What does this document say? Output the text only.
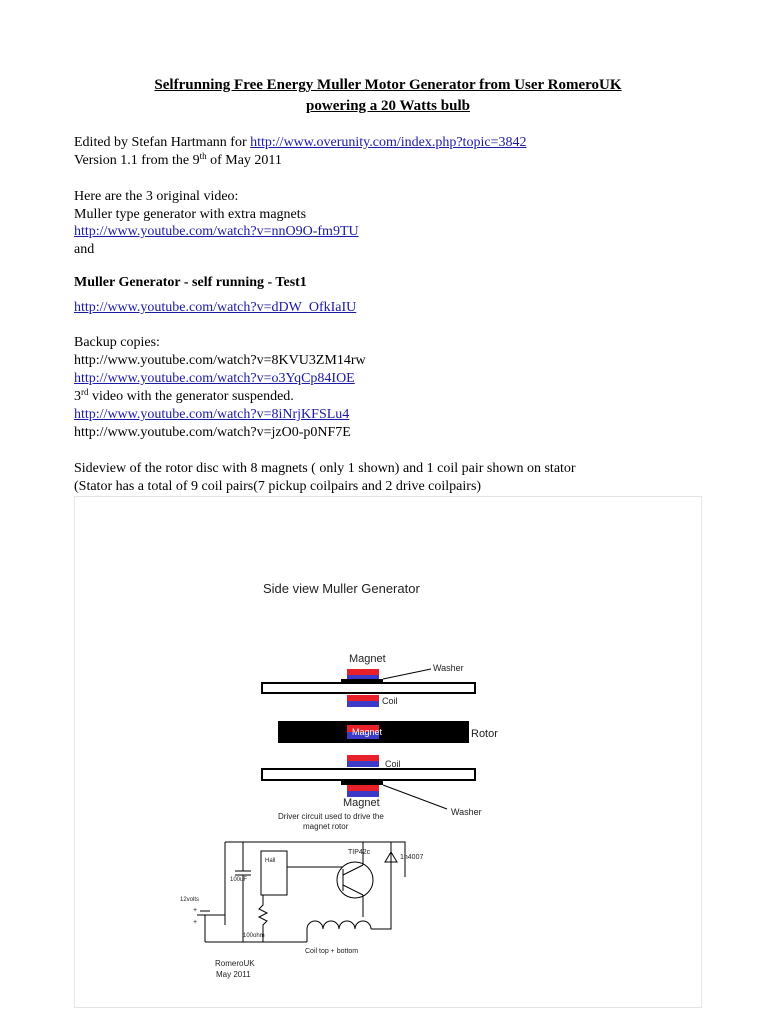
Selfrunning Free Energy Muller Motor Generator from User RomeroUK
powering a 20 Watts bulb
Edited by Stefan Hartmann for http://www.overunity.com/index.php?topic=3842
Version 1.1 from the 9th of May 2011
Here are the 3 original video:
Muller type generator with extra magnets
http://www.youtube.com/watch?v=nnO9O-fm9TU
and
Muller Generator - self running - Test1
http://www.youtube.com/watch?v=dDW_OfkIaIU
Backup copies:
http://www.youtube.com/watch?v=8KVU3ZM14rw
http://www.youtube.com/watch?v=o3YqCp84IOE
3rd video with the generator suspended.
http://www.youtube.com/watch?v=8iNrjKFSLu4
http://www.youtube.com/watch?v=jzO0-p0NF7E
Sideview of the rotor disc with 8 magnets ( only 1 shown) and 1 coil pair shown on stator
(Stator has a total of 9 coil pairs(7 pickup coilpairs and 2 drive coilpairs)
Side view Muller Generator
Magnet
Washer
Coil
Magnet	Rotor
Coil
Magnet
Washer
Driver circuit used to drive the
magnet rotor
Hall
TIP42c
1n4007
100uF
12volts
+
+
100ohm
Coil top + bottom
RomeroUK
May 2011
